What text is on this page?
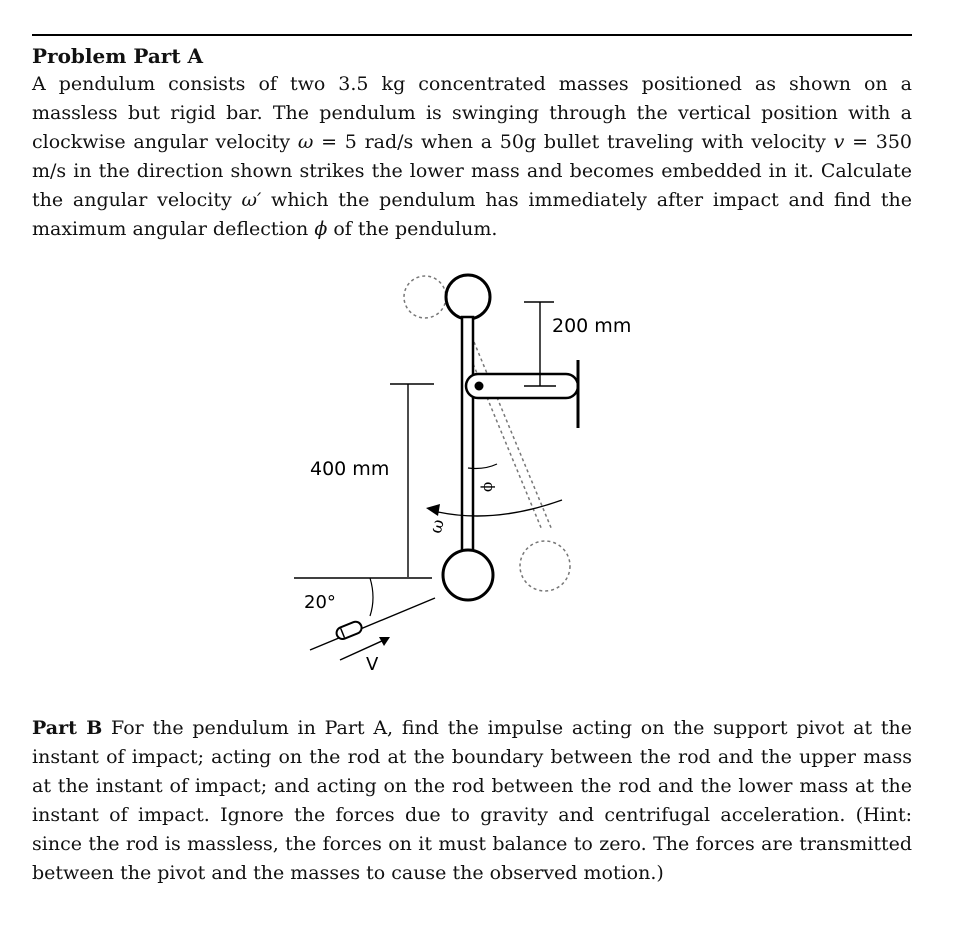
Problem Part A
A pendulum consists of two 3.5 kg concentrated masses positioned as shown on a massless but rigid bar. The pendulum is swinging through the vertical position with a clockwise angular velocity ω = 5 rad/s when a 50g bullet traveling with velocity v = 350 m/s in the direction shown strikes the lower mass and becomes embedded in it. Calculate the angular velocity ω′ which the pendulum has immediately after impact and find the maximum angular deflection ϕ of the pendulum.
200 mm
400 mm
ω
ϕ
20°
V
Part B For the pendulum in Part A, find the impulse acting on the support pivot at the instant of impact; acting on the rod at the boundary between the rod and the upper mass at the instant of impact; and acting on the rod between the rod and the lower mass at the instant of impact. Ignore the forces due to gravity and centrifugal acceleration. (Hint: since the rod is massless, the forces on it must balance to zero. The forces are transmitted between the pivot and the masses to cause the observed motion.)
